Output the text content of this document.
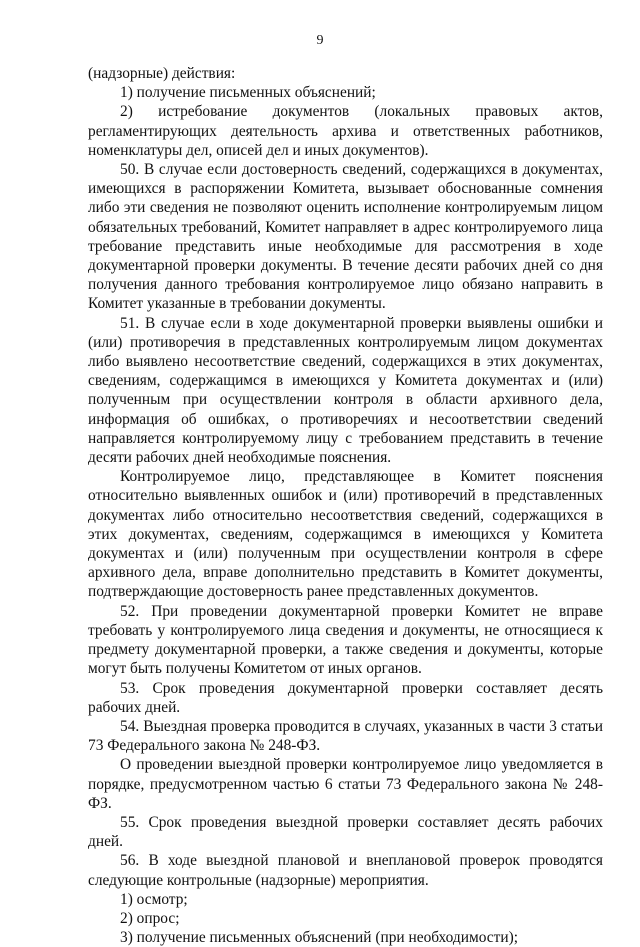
9

(надзорные) действия:

1) получение письменных объяснений;

2) истребование документов (локальных правовых актов, регламентирующих деятельность архива и ответственных работников, номенклатуры дел, описей дел и иных документов).

50. В случае если достоверность сведений, содержащихся в документах, имеющихся в распоряжении Комитета, вызывает обоснованные сомнения либо эти сведения не позволяют оценить исполнение контролируемым лицом обязательных требований, Комитет направляет в адрес контролируемого лица требование представить иные необходимые для рассмотрения в ходе документарной проверки документы. В течение десяти рабочих дней со дня получения данного требования контролируемое лицо обязано направить в Комитет указанные в требовании документы.

51. В случае если в ходе документарной проверки выявлены ошибки и (или) противоречия в представленных контролируемым лицом документах либо выявлено несоответствие сведений, содержащихся в этих документах, сведениям, содержащимся в имеющихся у Комитета документах и (или) полученным при осуществлении контроля в области архивного дела, информация об ошибках, о противоречиях и несоответствии сведений направляется контролируемому лицу с требованием представить в течение десяти рабочих дней необходимые пояснения.

Контролируемое лицо, представляющее в Комитет пояснения относительно выявленных ошибок и (или) противоречий в представленных документах либо относительно несоответствия сведений, содержащихся в этих документах, сведениям, содержащимся в имеющихся у Комитета документах и (или) полученным при осуществлении контроля в сфере архивного дела, вправе дополнительно представить в Комитет документы, подтверждающие достоверность ранее представленных документов.

52. При проведении документарной проверки Комитет не вправе требовать у контролируемого лица сведения и документы, не относящиеся к предмету документарной проверки, а также сведения и документы, которые могут быть получены Комитетом от иных органов.

53. Срок проведения документарной проверки составляет десять рабочих дней.

54. Выездная проверка проводится в случаях, указанных в части 3 статьи 73 Федерального закона № 248-ФЗ.

О проведении выездной проверки контролируемое лицо уведомляется в порядке, предусмотренном частью 6 статьи 73 Федерального закона № 248-ФЗ.

55. Срок проведения выездной проверки составляет десять рабочих дней.

56. В ходе выездной плановой и внеплановой проверок проводятся следующие контрольные (надзорные) мероприятия.

1) осмотр;

2) опрос;

3) получение письменных объяснений (при необходимости);
